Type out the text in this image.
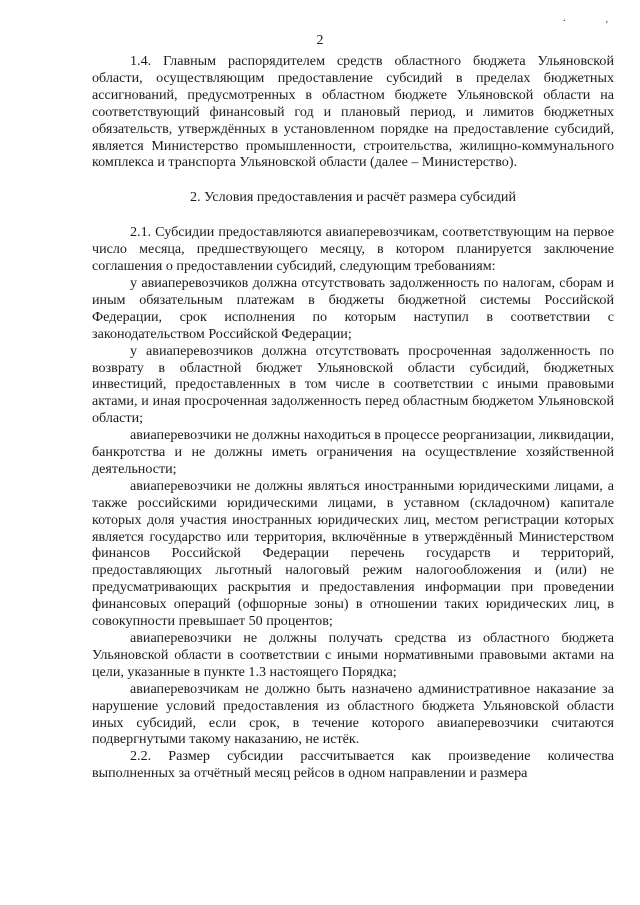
.
'
2

1.4. Главным распорядителем средств областного бюджета Ульяновской области, осуществляющим предоставление субсидий в пределах бюджетных ассигнований, предусмотренных в областном бюджете Ульяновской области на соответствующий финансовый год и плановый период, и лимитов бюджетных обязательств, утверждённых в установленном порядке на предоставление субсидий, является Министерство промышленности, строительства, жилищно-коммунального комплекса и транспорта Ульяновской области (далее – Министерство).

2. Условия предоставления и расчёт размера субсидий

2.1. Субсидии предоставляются авиаперевозчикам, соответствующим на первое число месяца, предшествующего месяцу, в котором планируется заключение соглашения о предоставлении субсидий, следующим требованиям:

у авиаперевозчиков должна отсутствовать задолженность по налогам, сборам и иным обязательным платежам в бюджеты бюджетной системы Российской Федерации, срок исполнения по которым наступил в соответствии с законодательством Российской Федерации;

у авиаперевозчиков должна отсутствовать просроченная задолженность по возврату в областной бюджет Ульяновской области субсидий, бюджетных инвестиций, предоставленных в том числе в соответствии с иными правовыми актами, и иная просроченная задолженность перед областным бюджетом Ульяновской области;

авиаперевозчики не должны находиться в процессе реорганизации, ликвидации, банкротства и не должны иметь ограничения на осуществление хозяйственной деятельности;

авиаперевозчики не должны являться иностранными юридическими лицами, а также российскими юридическими лицами, в уставном (складочном) капитале которых доля участия иностранных юридических лиц, местом регистрации которых является государство или территория, включённые в утверждённый Министерством финансов Российской Федерации перечень государств и территорий, предоставляющих льготный налоговый режим налогообложения и (или) не предусматривающих раскрытия и предоставления информации при проведении финансовых операций (офшорные зоны) в отношении таких юридических лиц, в совокупности превышает 50 процентов;

авиаперевозчики не должны получать средства из областного бюджета Ульяновской области в соответствии с иными нормативными правовыми актами на цели, указанные в пункте 1.3 настоящего Порядка;

авиаперевозчикам не должно быть назначено административное наказание за нарушение условий предоставления из областного бюджета Ульяновской области иных субсидий, если срок, в течение которого авиаперевозчики считаются подвергнутыми такому наказанию, не истёк.

2.2. Размер субсидии рассчитывается как произведение количества выполненных за отчётный месяц рейсов в одном направлении и размера
